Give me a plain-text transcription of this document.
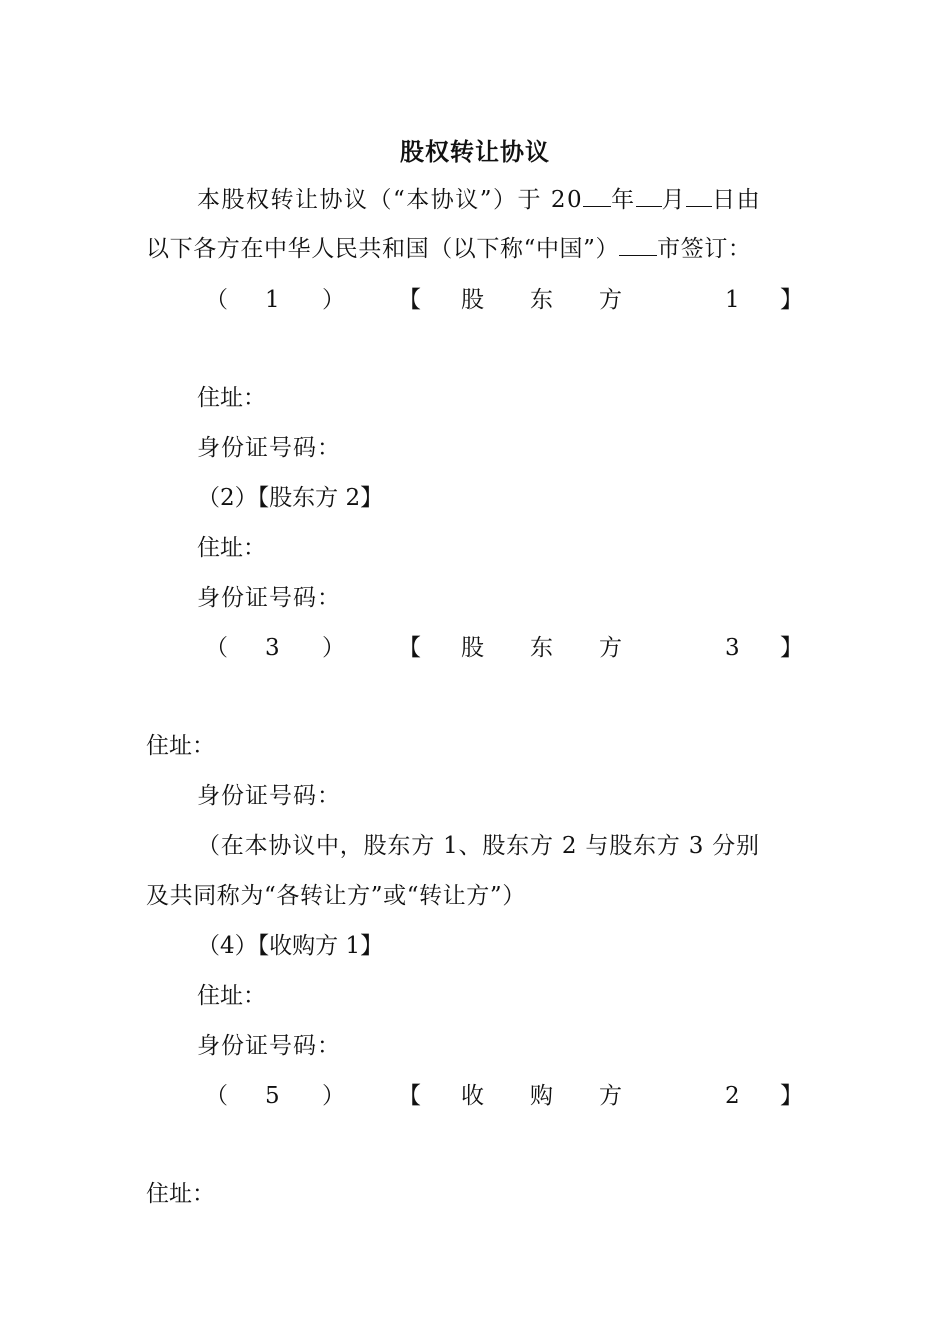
股权转让协议
本股权转让协议（“本协议”）于 20 年 月 日由
以下各方在中华人民共和国（以下称“中国”） 市签订：
（ 1 ） 【 股 东 方	1 】
住址：
身份证号码：
（2）【股东方 2】
住址：
身份证号码：
（ 3 ） 【 股 东 方	3 】
住址：
身份证号码：
（在本协议中，股东方 1、股东方 2 与股东方 3 分别
及共同称为“各转让方”或“转让方”）
（4）【收购方 1】
住址：
身份证号码：
（ 5 ） 【 收 购 方	2 】
住址：
